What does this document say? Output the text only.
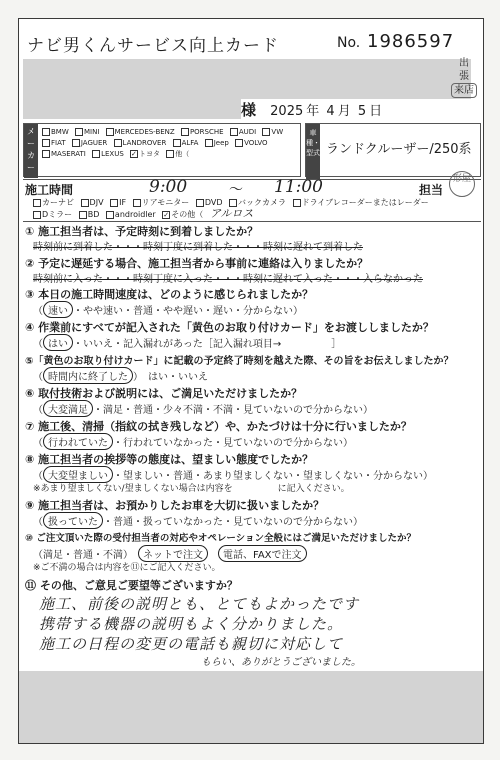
ナビ男くんサービス向上カード	No. 1986597
出
張
来店
様 2025 年 4 月 5 日
メーカー
BMW MINI MERCEDES-BENZ PORSCHE AUDI VW FIAT JAGUER LANDROVER ALFA Jeep VOLVO MASERATI LEXUS ✓ トヨタ 他（
車種・型式 ランドクルーザー/250系
施工時間	9:00	～ 11:00	担当
形屋
カーナビ DJV IF リアモニター DVD バックカメラ ドライブレコーダーまたはレーダー
Dミラー BD androidler ✓ その他（ アルロス
① 施工担当者は、予定時刻に到着しましたか？
時刻前に到着した・・・時刻丁度に到着した・・・時刻に遅れて到着した
② 予定に遅延する場合、施工担当者から事前に連絡は入りましたか？
時刻前に入った・・・時刻丁度に入った・・・時刻に遅れて入った・・・入らなかった
③ 本日の施工時間速度は、どのように感じられましたか？
（ 速い ・やや速い・普通・やや遅い・遅い・分からない）
④ 作業前にすべてが記入された「黄色のお取り付けカード」をお渡ししましたか？
（ はい ・いいえ・記入漏れがあった［記入漏れ項目→　　　　　］
⑤「黄色のお取り付けカード」に記載の予定終了時刻を越えた際、その旨をお伝えしましたか？
（ 時間内に終了した ）　はい・いいえ
⑥ 取付技術および説明には、ご満足いただけましたか？
（ 大変満足 ・満足・普通・少々不満・不満・見ていないので分からない）
⑦ 施工後、清掃（指紋の拭き残しなど）や、かたづけは十分に行いましたか？
（ 行われていた ・行われていなかった・見ていないので分からない）
⑧ 施工担当者の挨拶等の態度は、望ましい態度でしたか？
（ 大変望ましい ・望ましい・普通・あまり望ましくない・望ましくない・分からない）
※あまり望ましくない/望ましくない場合は内容を　　　　　に記入ください。
⑨ 施工担当者は、お預かりしたお車を大切に扱いましたか？
（ 扱っていた ・普通・扱っていなかった・見ていないので分からない）
⑩ ご注文頂いた際の受付担当者の対応やオペレーション全般にはご満足いただけましたか？
（満足・普通・不満）　 ネットで注文　 電話、FAXで注文
※ご不満の場合は内容を⑪にご記入ください。
⑪ その他、ご意見ご要望等ございますか？
施工、前後の説明とも、とてもよかったです
携帯する機器の説明もよく分かりました。
施工の日程の変更の電話も親切に対応して
もらい、ありがとうございました。
